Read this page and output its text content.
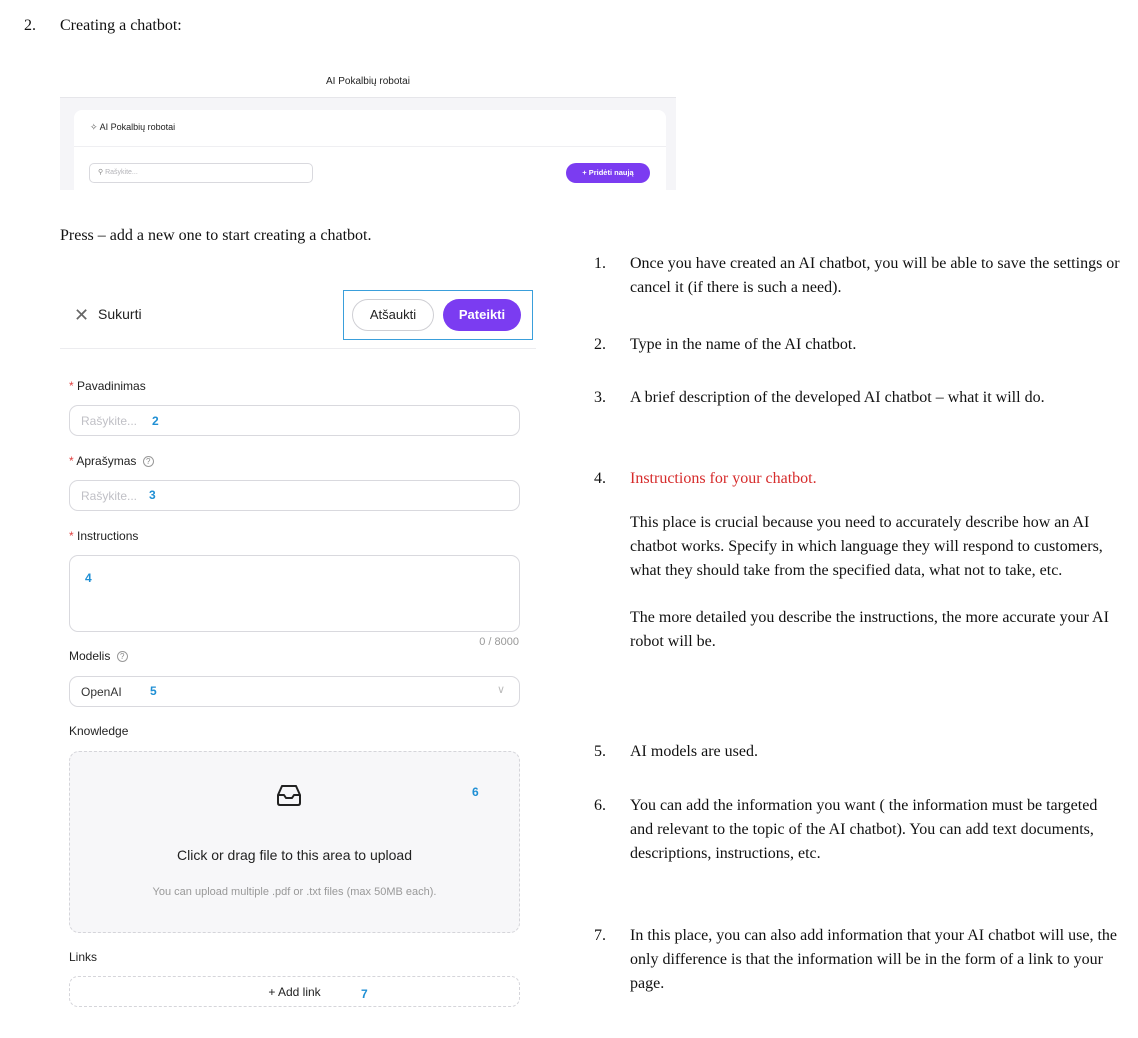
2. Creating a chatbot:
AI Pokalbių robotai
✧ AI Pokalbių robotai
⚲ Rašykite...	+ Pridėti naują
Press – add a new one to start creating a chatbot.
✕ Sukurti	Atšaukti	Pateikti
* Pavadinimas
Rašykite... 2
* Aprašymas ?
Rašykite... 3
* Instructions
4
0 / 8000
Modelis ?
OpenAI	∨
5
Knowledge
Click or drag file to this area to upload
You can upload multiple .pdf or .txt files (max 50MB each).
6
Links
+ Add link	7
1. Once you have created an AI chatbot, you will be able to save the settings or cancel it (if there is such a need).
2. Type in the name of the AI chatbot.
3. A brief description of the developed AI chatbot – what it will do.
4. Instructions for your chatbot.
This place is crucial because you need to accurately describe how an AI chatbot works. Specify in which language they will respond to customers, what they should take from the specified data, what not to take, etc.
The more detailed you describe the instructions, the more accurate your AI robot will be.
5. AI models are used.
6. You can add the information you want ( the information must be targeted and relevant to the topic of the AI chatbot). You can add text documents, descriptions, instructions, etc.
7. In this place, you can also add information that your AI chatbot will use, the only difference is that the information will be in the form of a link to your page.
